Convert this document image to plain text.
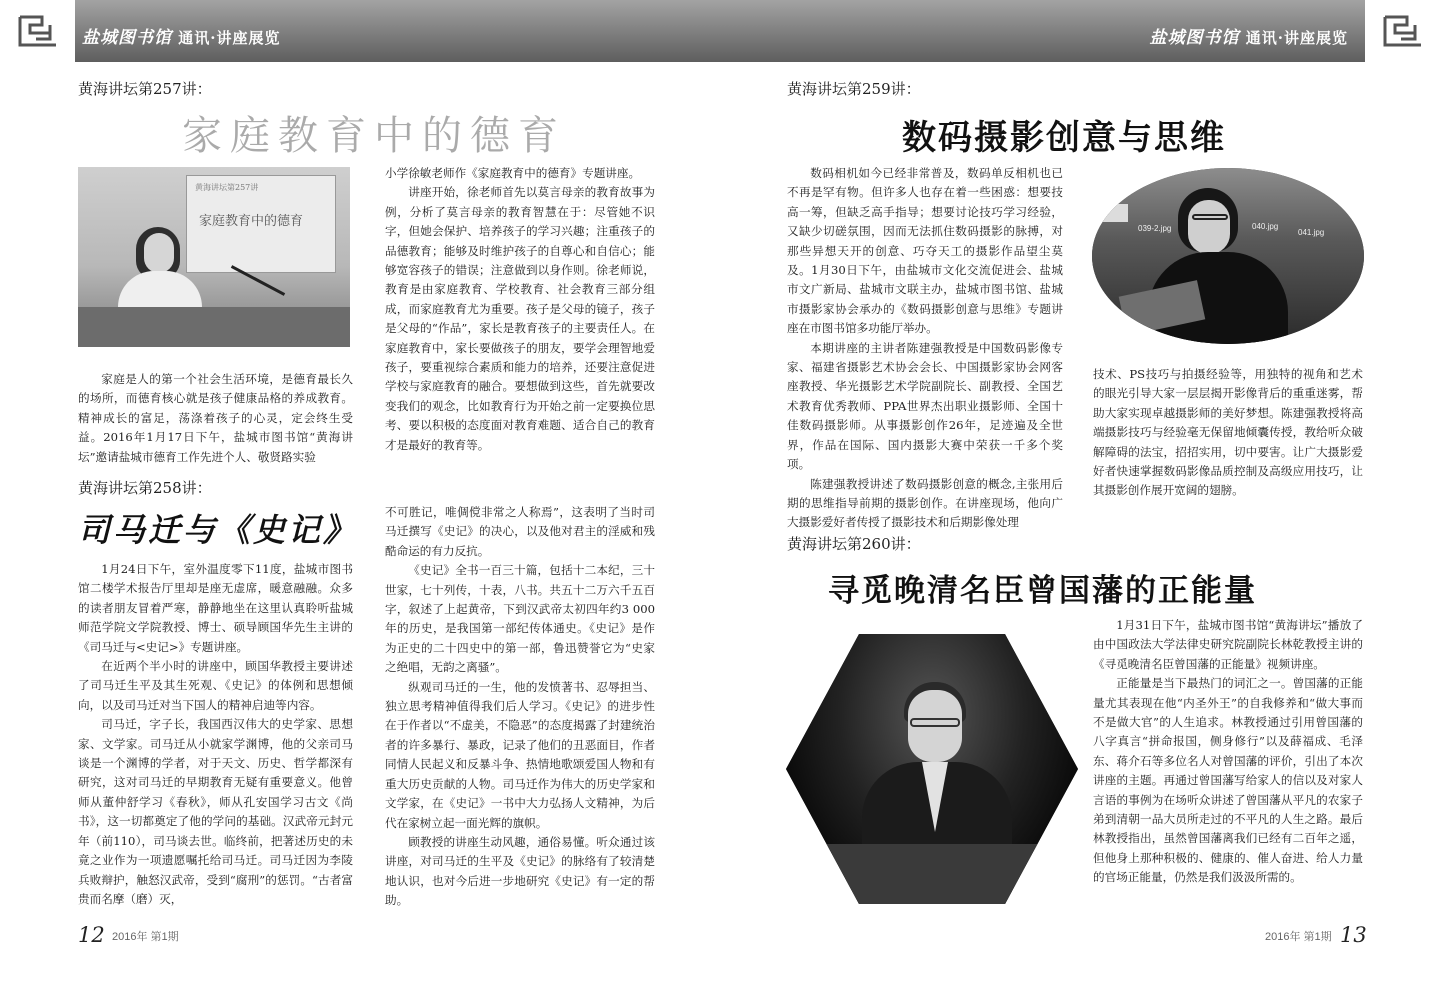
盐城图书馆 通讯·讲座展览	盐城图书馆 通讯·讲座展览
黄海讲坛第257讲：
家庭教育中的德育
家庭教育中的德育
黄海讲坛第257讲

家庭是人的第一个社会生活环境，是德育最长久的场所，而德育核心就是孩子健康品格的养成教育。精神成长的富足，荡涤着孩子的心灵，定会终生受益。2016年1月17日下午，盐城市图书馆“黄海讲坛”邀请盐城市德育工作先进个人、敬贤路实验

小学徐敏老师作《家庭教育中的德育》专题讲座。

讲座开始，徐老师首先以莫言母亲的教育故事为例，分析了莫言母亲的教育智慧在于：尽管她不识字，但她会保护、培养孩子的学习兴趣；注重孩子的品德教育；能够及时维护孩子的自尊心和自信心；能够宽容孩子的错误；注意做到以身作则。徐老师说，教育是由家庭教育、学校教育、社会教育三部分组成，而家庭教育尤为重要。孩子是父母的镜子，孩子是父母的“作品”，家长是教育孩子的主要责任人。在家庭教育中，家长要做孩子的朋友，要学会理智地爱孩子，要重视综合素质和能力的培养，还要注意促进学校与家庭教育的融合。要想做到这些，首先就要改变我们的观念，比如教育行为开始之前一定要换位思考、要以积极的态度面对教育难题、适合自己的教育才是最好的教育等。

黄海讲坛第258讲：
司马迁与《史记》

1月24日下午，室外温度零下11度，盐城市图书馆二楼学术报告厅里却是座无虚席，暖意融融。众多的读者朋友冒着严寒，静静地坐在这里认真聆听盐城师范学院文学院教授、博士、硕导顾国华先生主讲的《司马迁与<史记>》专题讲座。

在近两个半小时的讲座中，顾国华教授主要讲述了司马迁生平及其生死观、《史记》的体例和思想倾向，以及司马迁对当下国人的精神启迪等内容。

司马迁，字子长，我国西汉伟大的史学家、思想家、文学家。司马迁从小就家学渊博，他的父亲司马谈是一个渊博的学者，对于天文、历史、哲学都深有研究，这对司马迁的早期教育无疑有重要意义。他曾师从董仲舒学习《春秋》，师从孔安国学习古文《尚书》，这一切都奠定了他的学问的基础。汉武帝元封元年（前110），司马谈去世。临终前，把著述历史的未竟之业作为一项遗愿嘱托给司马迁。司马迁因为李陵兵败辩护，触怒汉武帝，受到“腐刑”的惩罚。“古者富贵而名摩（磨）灭，

不可胜记，唯倜傥非常之人称焉”，这表明了当时司马迁撰写《史记》的决心，以及他对君主的淫威和残酷命运的有力反抗。

《史记》全书一百三十篇，包括十二本纪，三十世家，七十列传，十表，八书。共五十二万六千五百字，叙述了上起黄帝，下到汉武帝太初四年约3 000年的历史，是我国第一部纪传体通史。《史记》是作为正史的二十四史中的第一部，鲁迅赞誉它为“史家之绝唱，无韵之离骚”。

纵观司马迁的一生，他的发愤著书、忍辱担当、独立思考精神值得我们后人学习。《史记》的进步性在于作者以“不虚美，不隐恶”的态度揭露了封建统治者的许多暴行、暴政，记录了他们的丑恶面目，作者同情人民起义和反暴斗争、热情地歌颂爱国人物和有重大历史贡献的人物。司马迁作为伟大的历史学家和文学家，在《史记》一书中大力弘扬人文精神，为后代在家树立起一面光辉的旗帜。

顾教授的讲座生动风趣，通俗易懂。听众通过该讲座，对司马迁的生平及《史记》的脉络有了较清楚地认识，也对今后进一步地研究《史记》有一定的帮助。

黄海讲坛第259讲：
数码摄影创意与思维
039-2.jpg	040.jpg
041.jpg

数码相机如今已经非常普及，数码单反相机也已不再是罕有物。但许多人也存在着一些困惑：想要技高一筹，但缺乏高手指导；想要讨论技巧学习经验，又缺少切磋氛围，因而无法抓住数码摄影的脉搏，对那些异想天开的创意、巧夺天工的摄影作品望尘莫及。1月30日下午，由盐城市文化交流促进会、盐城市文广新局、盐城市文联主办，盐城市图书馆、盐城市摄影家协会承办的《数码摄影创意与思维》专题讲座在市图书馆多功能厅举办。

本期讲座的主讲者陈建强教授是中国数码影像专家、福建省摄影艺术协会会长、中国摄影家协会网客座教授、华光摄影艺术学院副院长、副教授、全国艺术教育优秀教师、PPA世界杰出职业摄影师、全国十佳数码摄影师。从事摄影创作26年，足迹遍及全世界，作品在国际、国内摄影大赛中荣获一千多个奖项。

陈建强教授讲述了数码摄影创意的概念,主张用后期的思维指导前期的摄影创作。在讲座现场，他向广大摄影爱好者传授了摄影技术和后期影像处理

技术、PS技巧与拍摄经验等，用独特的视角和艺术的眼光引导大家一层层揭开影像背后的重重迷雾，帮助大家实现卓越摄影师的美好梦想。陈建强教授将高端摄影技巧与经验毫无保留地倾囊传授，教给听众破解障碍的法宝，招招实用，切中要害。让广大摄影爱好者快速掌握数码影像品质控制及高级应用技巧，让其摄影创作展开宽阔的翅膀。

黄海讲坛第260讲：
寻觅晚清名臣曾国藩的正能量

1月31日下午，盐城市图书馆“黄海讲坛”播放了由中国政法大学法律史研究院副院长林乾教授主讲的《寻觅晚清名臣曾国藩的正能量》视频讲座。

正能量是当下最热门的词汇之一。曾国藩的正能量尤其表现在他“内圣外王”的自我修养和“做大事而不是做大官”的人生追求。林教授通过引用曾国藩的八字真言“拼命报国，侧身修行”以及薛福成、毛泽东、蒋介石等多位名人对曾国藩的评价，引出了本次讲座的主题。再通过曾国藩写给家人的信以及对家人言语的事例为在场听众讲述了曾国藩从平凡的农家子弟到清朝一品大员所走过的不平凡的人生之路。最后林教授指出，虽然曾国藩离我们已经有二百年之遥，但他身上那种积极的、健康的、催人奋进、给人力量的官场正能量，仍然是我们汲汲所需的。

12 2016年 第1期	2016年 第1期 13
